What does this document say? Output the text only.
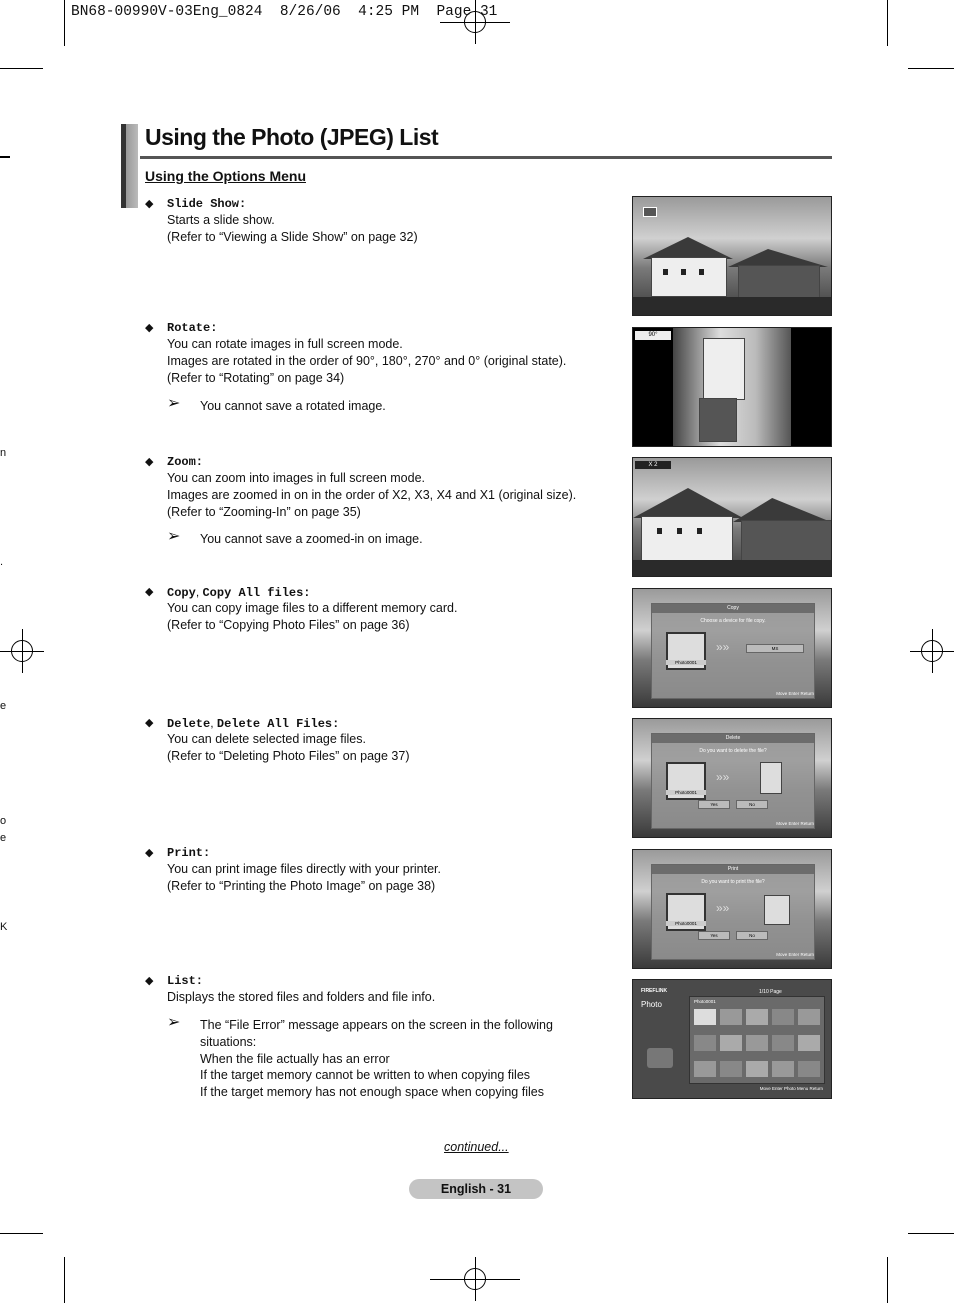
BN68-00990V-03Eng_0824  8/26/06  4:25 PM  Page 31
n
.
e
o
e
K
Using the Photo (JPEG) List
Using the Options Menu
◆ Slide Show:
Starts a slide show.
(Refer to “Viewing a Slide Show” on page 32)
◆ Rotate:
You can rotate images in full screen mode.
Images are rotated in the order of 90°, 180°, 270° and 0° (original state).
(Refer to “Rotating” on page 34)
➢ You cannot save a rotated image.
◆ Zoom:
You can zoom into images in full screen mode.
Images are zoomed in on in the order of X2, X3, X4 and X1 (original size).
(Refer to “Zooming-In” on page 35)
➢ You cannot save a zoomed-in on image.
◆ Copy, Copy All files:
You can copy image files to a different memory card.
(Refer to “Copying Photo Files” on page 36)
◆ Delete, Delete All Files:
You can delete selected image files.
(Refer to “Deleting Photo Files” on page 37)
◆ Print:
You can print image files directly with your printer.
(Refer to “Printing the Photo Image” on page 38)
◆ List:
Displays the stored files and folders and file info.
➢ The “File Error” message appears on the screen in the following
situations:
When the file actually has an error
If the target memory cannot be written to when copying files
If the target memory has not enough space when copying files
90°
X 2
Copy
Choose a device for file copy.
Photo0001
»»	MS
Move Enter Return
Delete
Do you want to delete the file?
Photo0001
»»
Yes	No
Move Enter Return
Print
Do you want to print the file?
Photo0001
»»
Yes	No
Move Enter Return
FIREFLINK
Photo
1/10 Page
Photo0001
Move Enter Photo Menu Return
continued...
English - 31
